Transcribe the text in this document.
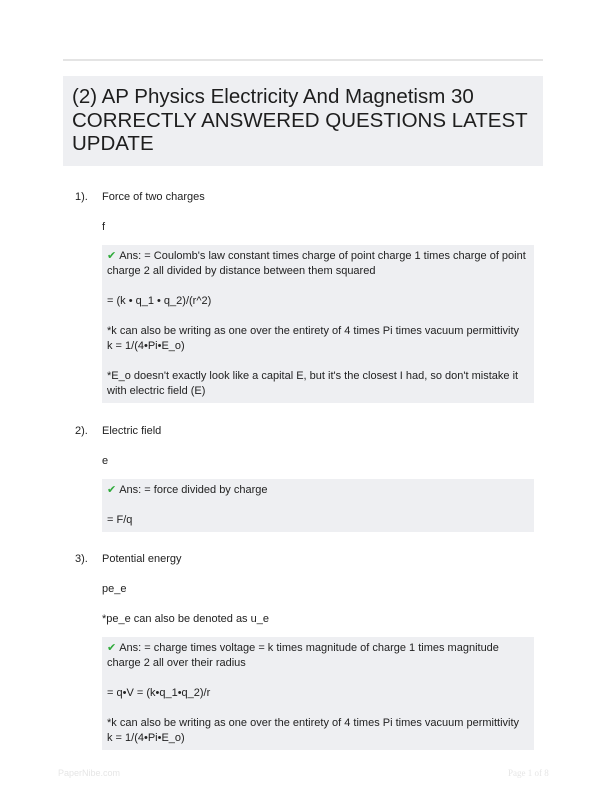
(2) AP Physics Electricity And Magnetism 30 CORRECTLY ANSWERED QUESTIONS LATEST UPDATE
1). Force of two charges
f

✔ Ans: = Coulomb's law constant times charge of point charge 1 times charge of point charge 2 all divided by distance between them squared

= (k • q_1 • q_2)/(r^2)

*k can also be writing as one over the entirety of 4 times Pi times vacuum permittivity
k = 1/(4•Pi•E_o)

*E_o doesn't exactly look like a capital E, but it's the closest I had, so don't mistake it with electric field (E)

2). Electric field
e

✔ Ans: = force divided by charge

= F/q

3). Potential energy
pe_e
*pe_e can also be denoted as u_e

✔ Ans: = charge times voltage = k times magnitude of charge 1 times magnitude charge 2 all over their radius

= q•V = (k•q_1•q_2)/r

*k can also be writing as one over the entirety of 4 times Pi times vacuum permittivity
k = 1/(4•Pi•E_o)

PaperNibe.com	Page 1 of 8
